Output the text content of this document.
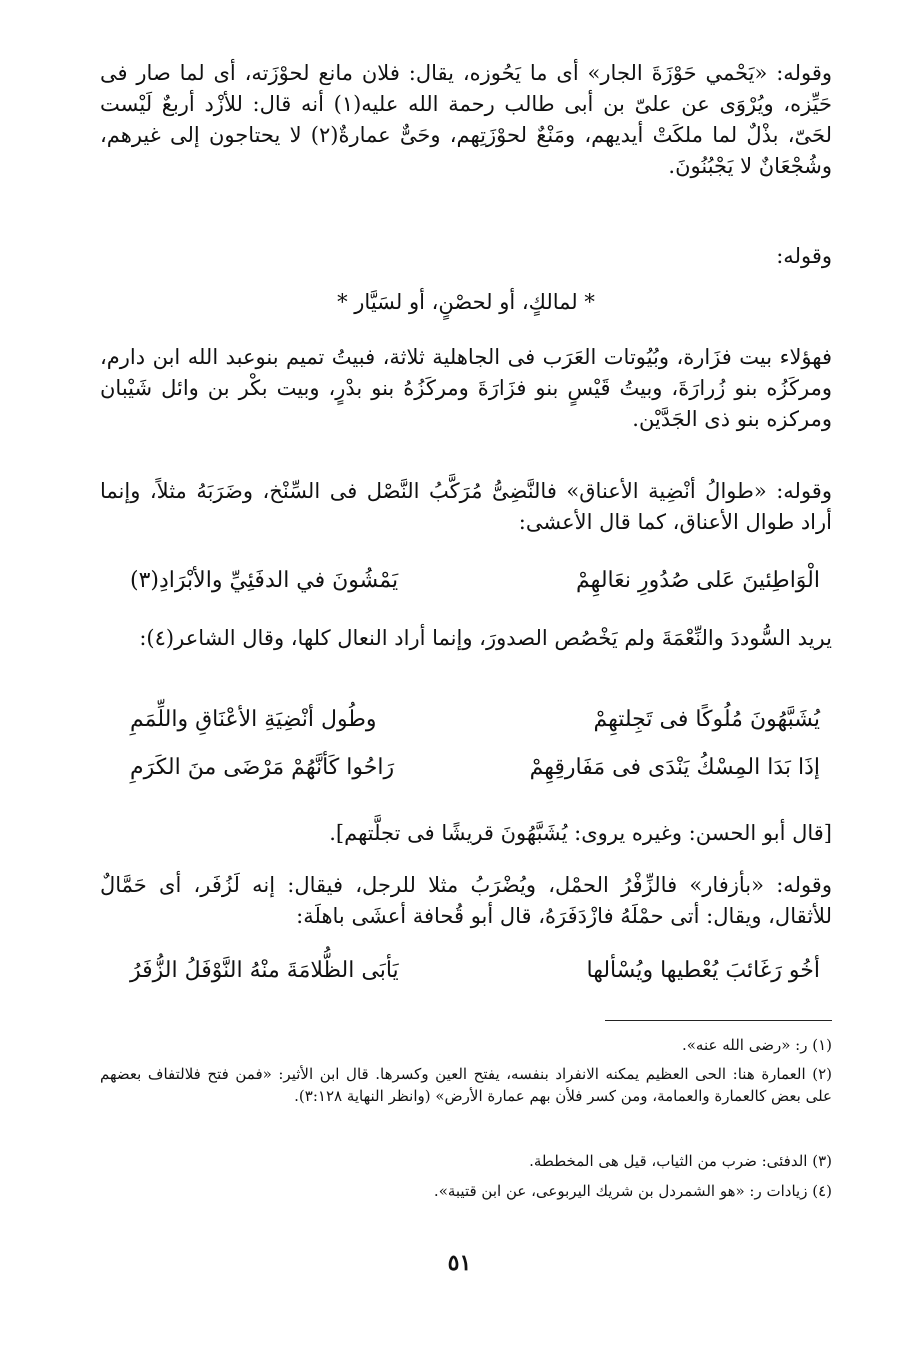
وقوله: «يَحْمي حَوْزَةَ الجار» أى ما يَحُوزه، يقال: فلان مانع لحوْزَته، أى لما صار فى حَيِّزه، ويُرْوَى عن علىّ بن أبى طالب رحمة الله عليه(١) أنه قال: للأزْد أربعٌ لَيْست لحَىّ، بذْلٌ لما ملكَتْ أيديهم، ومَنْعٌ لحوْزَتِهم، وحَىٌّ عمارةٌ(٢) لا يحتاجون إلى غيرهم، وشُجْعَانٌ لا يَجْبُنُونَ.

وقوله:

* لمالكٍ، أو لحصْنٍ، أو لسَيَّار *

فهؤلاء بيت فزَارة، وبُيُوتات العَرَب فى الجاهلية ثلاثة، فبيتُ تميم بنوعبد الله ابن دارم، ومركَزُه بنو زُرارَةَ، وبيتُ قَيْسٍ بنو فزَارَةَ ومركَزُهُ بنو بدْرٍ، وبيت بكْر بن وائل شَيْبان ومركزه بنو ذى الجَدَّيْن.

وقوله: «طوالُ أنْضِية الأعناق» فالنَّضِىُّ مُرَكَّبُ النَّصْل فى السِّنْخ، وضَرَبَهُ مثلاً، وإنما أراد طوال الأعناق، كما قال الأعشى:

الْوَاطِئينَ عَلى صُدُورِ نعَالهِمْ
يَمْشُونَ في الدفَئِيِّ والأبْرَادِ(٣)

يريد السُّوددَ والنِّعْمَةَ ولم يَخْصُص الصدورَ، وإنما أراد النعال كلها، وقال الشاعر(٤):

يُشَبَّهُونَ مُلُوكًا فى تَجِلتهِمْ
وطُول أنْضِيَةِ الأعْنَاقِ واللِّمَمِ
إذَا بَدَا المِسْكُ يَنْدَى فى مَفَارقِهِمْ
رَاحُوا كَأنَّهُمْ مَرْضَى منَ الكَرَمِ

[قال أبو الحسن: وغيره يروى: يُشَبَّهُونَ قريشًا فى تجلَّتهم].

وقوله: «بأزفار» فالزِّفْرُ الحمْل، ويُضْرَبُ مثلا للرجل، فيقال: إنه لَزُفَر، أى حَمَّالٌ للأثقال، ويقال: أتى حمْلَهُ فازْدَفَرَهُ، قال أبو قُحافة أعشَى باهلَة:

أخُو رَغَائبَ يُعْطيها ويُسْألها
يَأبَى الظُّلامَةَ منْهُ النَّوْفَلُ الزُّفَرُ

(١) ر: «رضى الله عنه».

(٢) العمارة هنا: الحى العظيم يمكنه الانفراد بنفسه، يفتح العين وكسرها. قال ابن الأثير: «فمن فتح فلالتفاف بعضهم على بعض كالعمارة والعمامة، ومن كسر فلأن بهم عمارة الأرض» (وانظر النهاية ٣:١٢٨).

(٣) الدفئى: ضرب من الثياب، قيل هى المخططة.

(٤) زيادات ر: «هو الشمردل بن شريك اليربوعى، عن ابن قتيبة».

٥١
